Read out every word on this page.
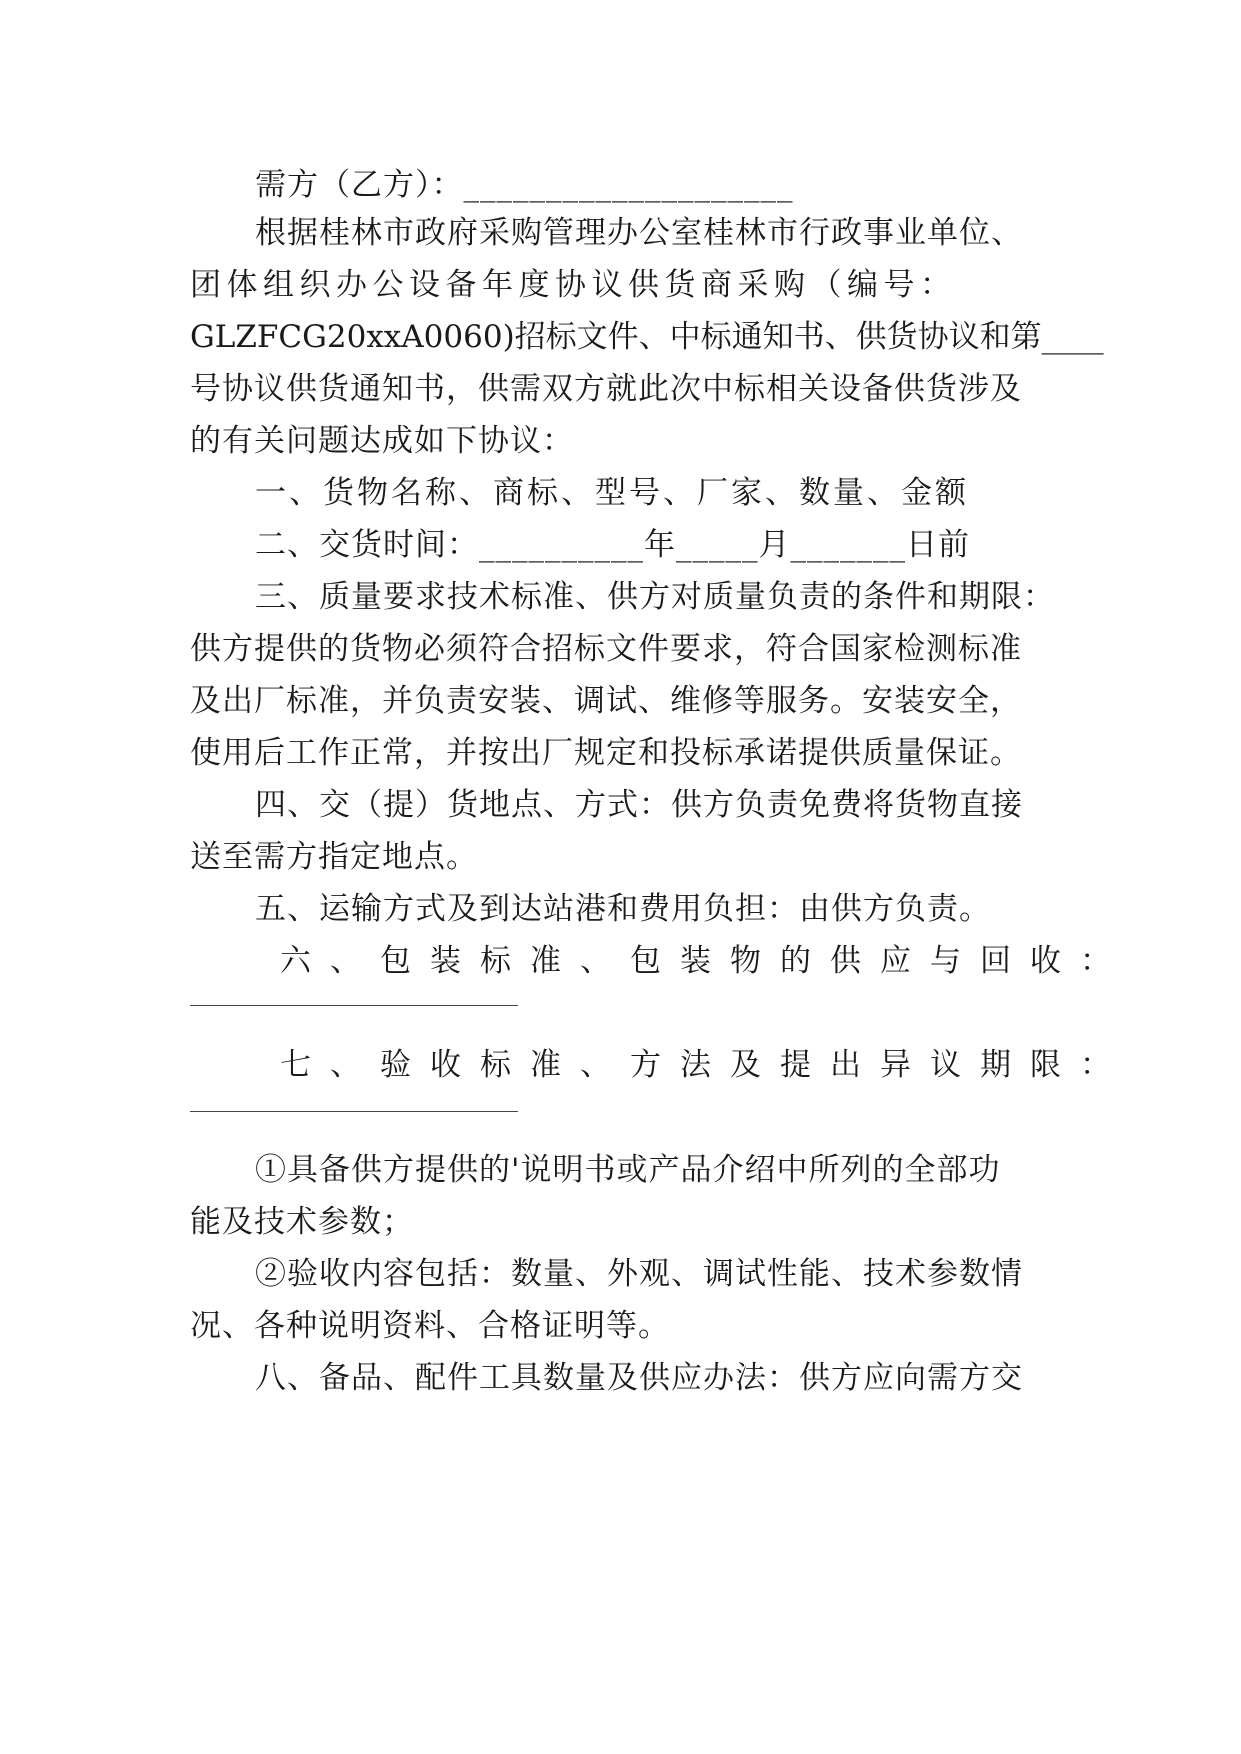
需方（乙方）：____________________
根据桂林市政府采购管理办公室桂林市行政事业单位、
团体组织办公设备年度协议供货商采购（编号：
GLZFCG20xxA0060)招标文件、中标通知书、供货协议和第____
号协议供货通知书，供需双方就此次中标相关设备供货涉及
的有关问题达成如下协议：
一、货物名称、商标、型号、厂家、数量、金额
二、交货时间：__________年_____月_______日前
三、质量要求技术标准、供方对质量负责的条件和期限：
供方提供的货物必须符合招标文件要求，符合国家检测标准
及出厂标准，并负责安装、调试、维修等服务。安装安全，
使用后工作正常，并按出厂规定和投标承诺提供质量保证。
四、交（提）货地点、方式：供方负责免费将货物直接
送至需方指定地点。
五、运输方式及到达站港和费用负担：由供方负责。
六、包装标准、包装物的供应与回收：
七、验收标准、方法及提出异议期限：
①具备供方提供的'说明书或产品介绍中所列的全部功
能及技术参数；
②验收内容包括：数量、外观、调试性能、技术参数情
况、各种说明资料、合格证明等。
八、备品、配件工具数量及供应办法：供方应向需方交
